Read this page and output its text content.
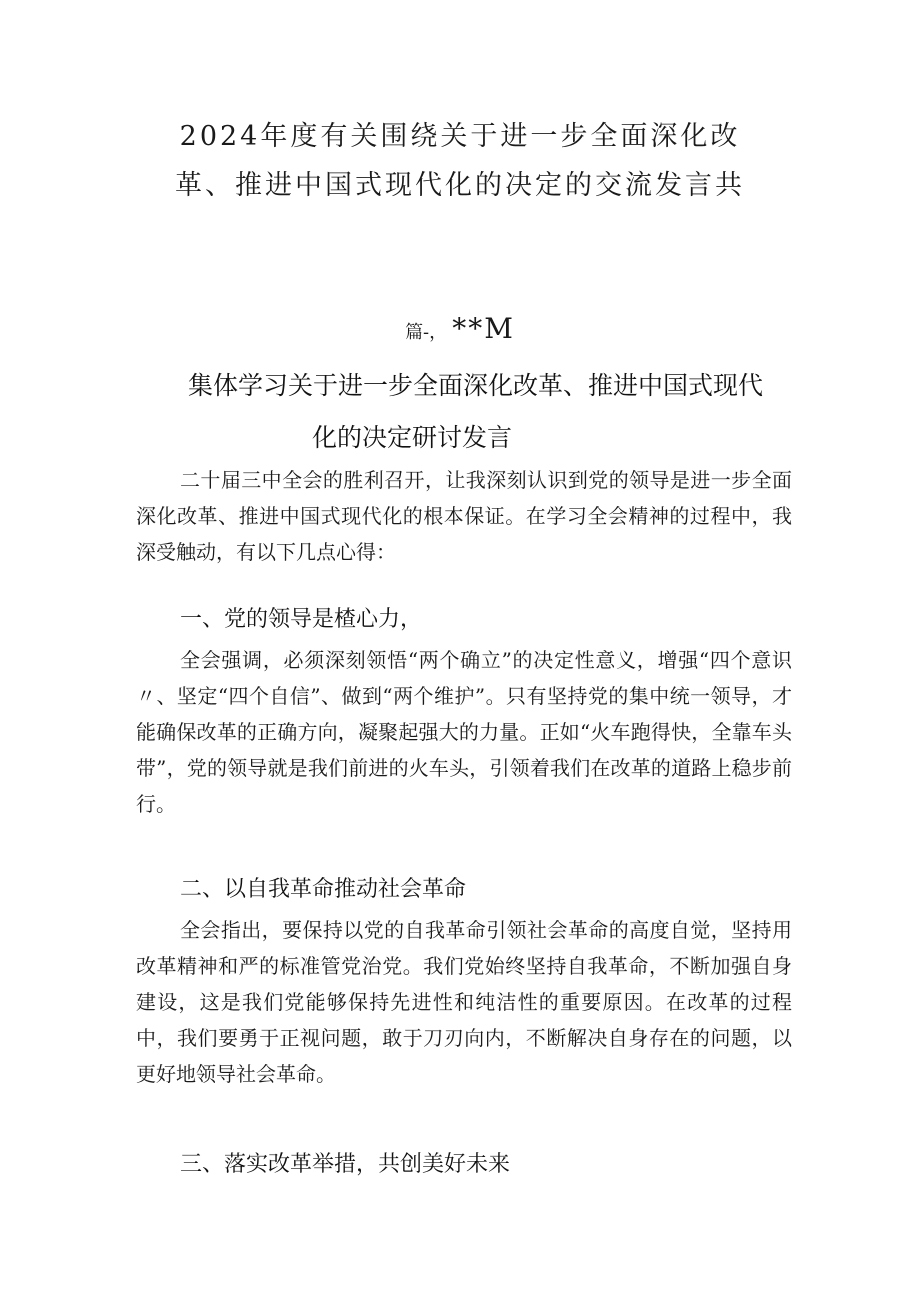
2024年度有关围绕关于进一步全面深化改
革、推进中国式现代化的决定的交流发言共
篇-， **M
集体学习关于进一步全面深化改革、推进中国式现代
化的决定研讨发言
二十届三中全会的胜利召开，让我深刻认识到党的领导是进一步全面深化改革、推进中国式现代化的根本保证。在学习全会精神的过程中，我深受触动，有以下几点心得：
一、党的领导是楂心力，
全会强调，必须深刻领悟“两个确立”的决定性意义，增强“四个意识〃、坚定“四个自信”、做到“两个维护”。只有坚持党的集中统一领导，才能确保改革的正确方向，凝聚起强大的力量。正如“火车跑得快，全靠车头带”，党的领导就是我们前进的火车头，引领着我们在改革的道路上稳步前行。
二、以自我革命推动社会革命
全会指出，要保持以党的自我革命引领社会革命的高度自觉，坚持用改革精神和严的标准管党治党。我们党始终坚持自我革命，不断加强自身建设，这是我们党能够保持先进性和纯洁性的重要原因。在改革的过程中，我们要勇于正视问题，敢于刀刃向内，不断解决自身存在的问题，以更好地领导社会革命。
三、落实改革举措，共创美好未来
